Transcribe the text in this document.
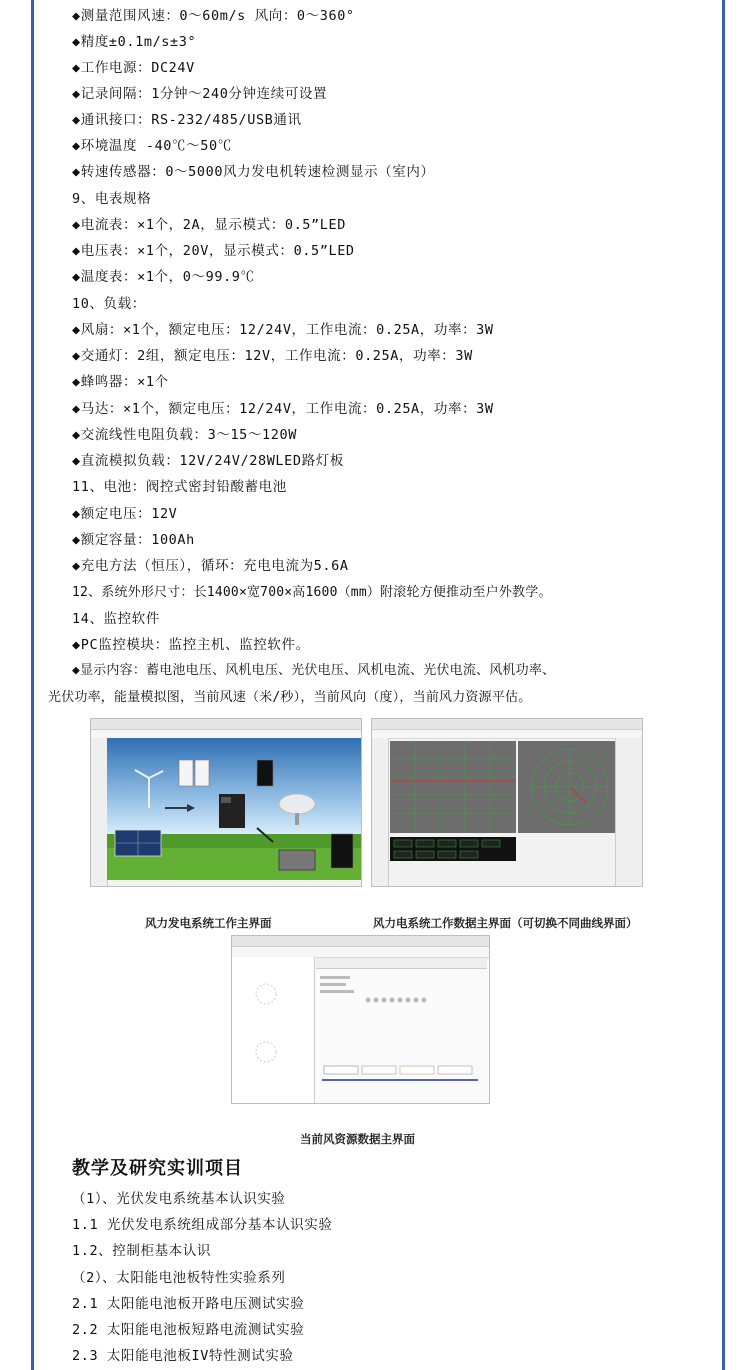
◆测量范围风速：0～60m/s 风向：0～360°
◆精度±0.1m/s±3°
◆工作电源：DC24V
◆记录间隔：1分钟～240分钟连续可设置
◆通讯接口：RS-232/485/USB通讯
◆环境温度 -40℃～50℃
◆转速传感器：0～5000风力发电机转速检测显示（室内）
9、电表规格
◆电流表：×1个，2A，显示模式：0.5”LED
◆电压表：×1个，20V，显示模式：0.5”LED
◆温度表：×1个，0～99.9℃
10、负载：
◆风扇：×1个，额定电压：12/24V，工作电流：0.25A，功率：3W
◆交通灯：2组，额定电压：12V，工作电流：0.25A，功率：3W
◆蜂鸣器：×1个
◆马达：×1个，额定电压：12/24V，工作电流：0.25A，功率：3W
◆交流线性电阻负载：3～15～120W
◆直流模拟负载：12V/24V/28WLED路灯板
11、电池：阀控式密封铅酸蓄电池
◆额定电压：12V
◆额定容量：100Ah
◆充电方法（恒压），循环：充电电流为5.6A
12、系统外形尺寸：长1400×宽700×高1600（mm）附滚轮方便推动至户外教学。
14、监控软件
◆PC监控模块：监控主机、监控软件。
◆显示内容：蓄电池电压、风机电压、光伏电压、风机电流、光伏电流、风机功率、
光伏功率，能量模拟图，当前风速（米/秒），当前风向（度），当前风力资源平估。
风力发电系统工作主界面	风力电系统工作数据主界面（可切换不同曲线界面）
当前风资源数据主界面
教学及研究实训项目
（1）、光伏发电系统基本认识实验
1.1 光伏发电系统组成部分基本认识实验
1.2、控制柜基本认识
（2）、太阳能电池板特性实验系列
2.1 太阳能电池板开路电压测试实验
2.2 太阳能电池板短路电流测试实验
2.3 太阳能电池板IV特性测试实验
